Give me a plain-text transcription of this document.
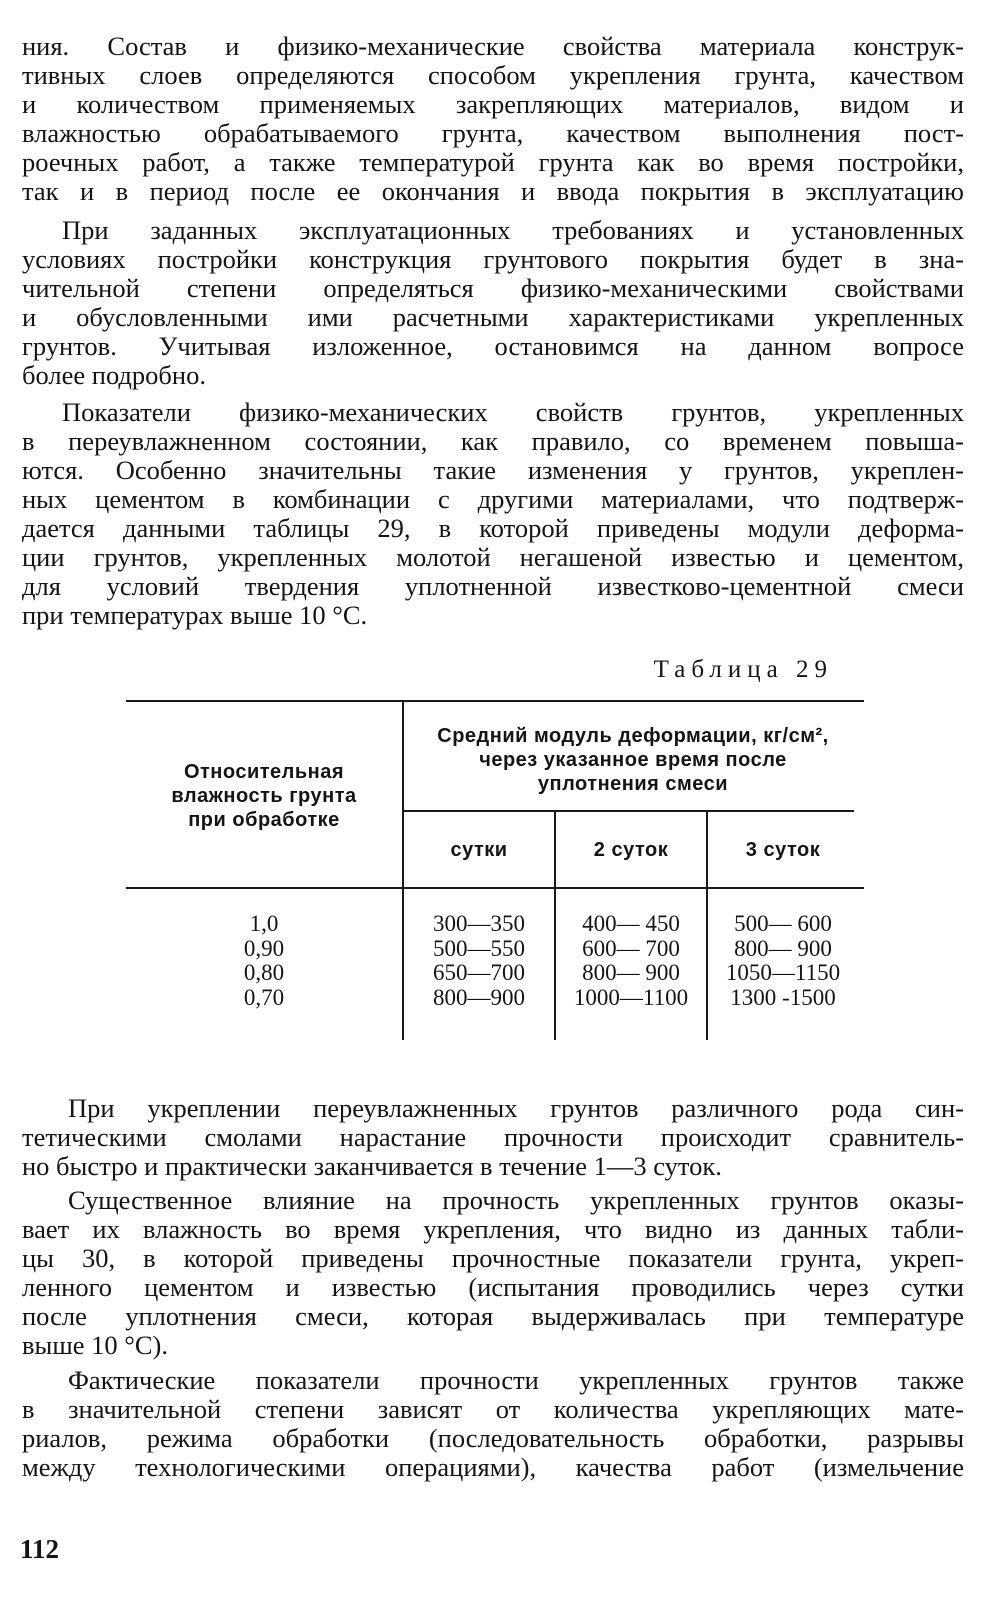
ния. Состав и физико-механические свойства материала конструк-
тивных слоев определяются способом укрепления грунта, качеством
и количеством применяемых закрепляющих материалов, видом и
влажностью обрабатываемого грунта, качеством выполнения пост-
роечных работ, а также температурой грунта как во время постройки,
так и в период после ее окончания и ввода покрытия в эксплуатацию
При заданных эксплуатационных требованиях и установленных
условиях постройки конструкция грунтового покрытия будет в зна-
чительной степени определяться физико-механическими свойствами
и обусловленными ими расчетными характеристиками укрепленных
грунтов. Учитывая изложенное, остановимся на данном вопросе
более подробно.
Показатели физико-механических свойств грунтов, укрепленных
в переувлажненном состоянии, как правило, со временем повыша-
ются. Особенно значительны такие изменения у грунтов, укреплен-
ных цементом в комбинации с другими материалами, что подтверж-
дается данными таблицы 29, в которой приведены модули деформа-
ции грунтов, укрепленных молотой негашеной известью и цементом,
для условий твердения уплотненной известково-цементной смеси
при температурах выше 10 °С.
Таблица 29
Относительная
влажность грунта
при обработке
Средний модуль деформации, кг/см²,
через указанное время после
уплотнения смеси
сутки	2 суток	3 суток
1,0
0,90
0,80
0,70
300—350
500—550
650—700
800—900
400— 450
600— 700
800— 900
1000—1100
500— 600
800— 900
1050—1150
1300 -1500
При укреплении переувлажненных грунтов различного рода син-
тетическими смолами нарастание прочности происходит сравнитель-
но быстро и практически заканчивается в течение 1—3 суток.
Существенное влияние на прочность укрепленных грунтов оказы-
вает их влажность во время укрепления, что видно из данных табли-
цы 30, в которой приведены прочностные показатели грунта, укреп-
ленного цементом и известью (испытания проводились через сутки
после уплотнения смеси, которая выдерживалась при температуре
выше 10 °С).
Фактические показатели прочности укрепленных грунтов также
в значительной степени зависят от количества укрепляющих мате-
риалов, режима обработки (последовательность обработки, разрывы
между технологическими операциями), качества работ (измельчение
112
